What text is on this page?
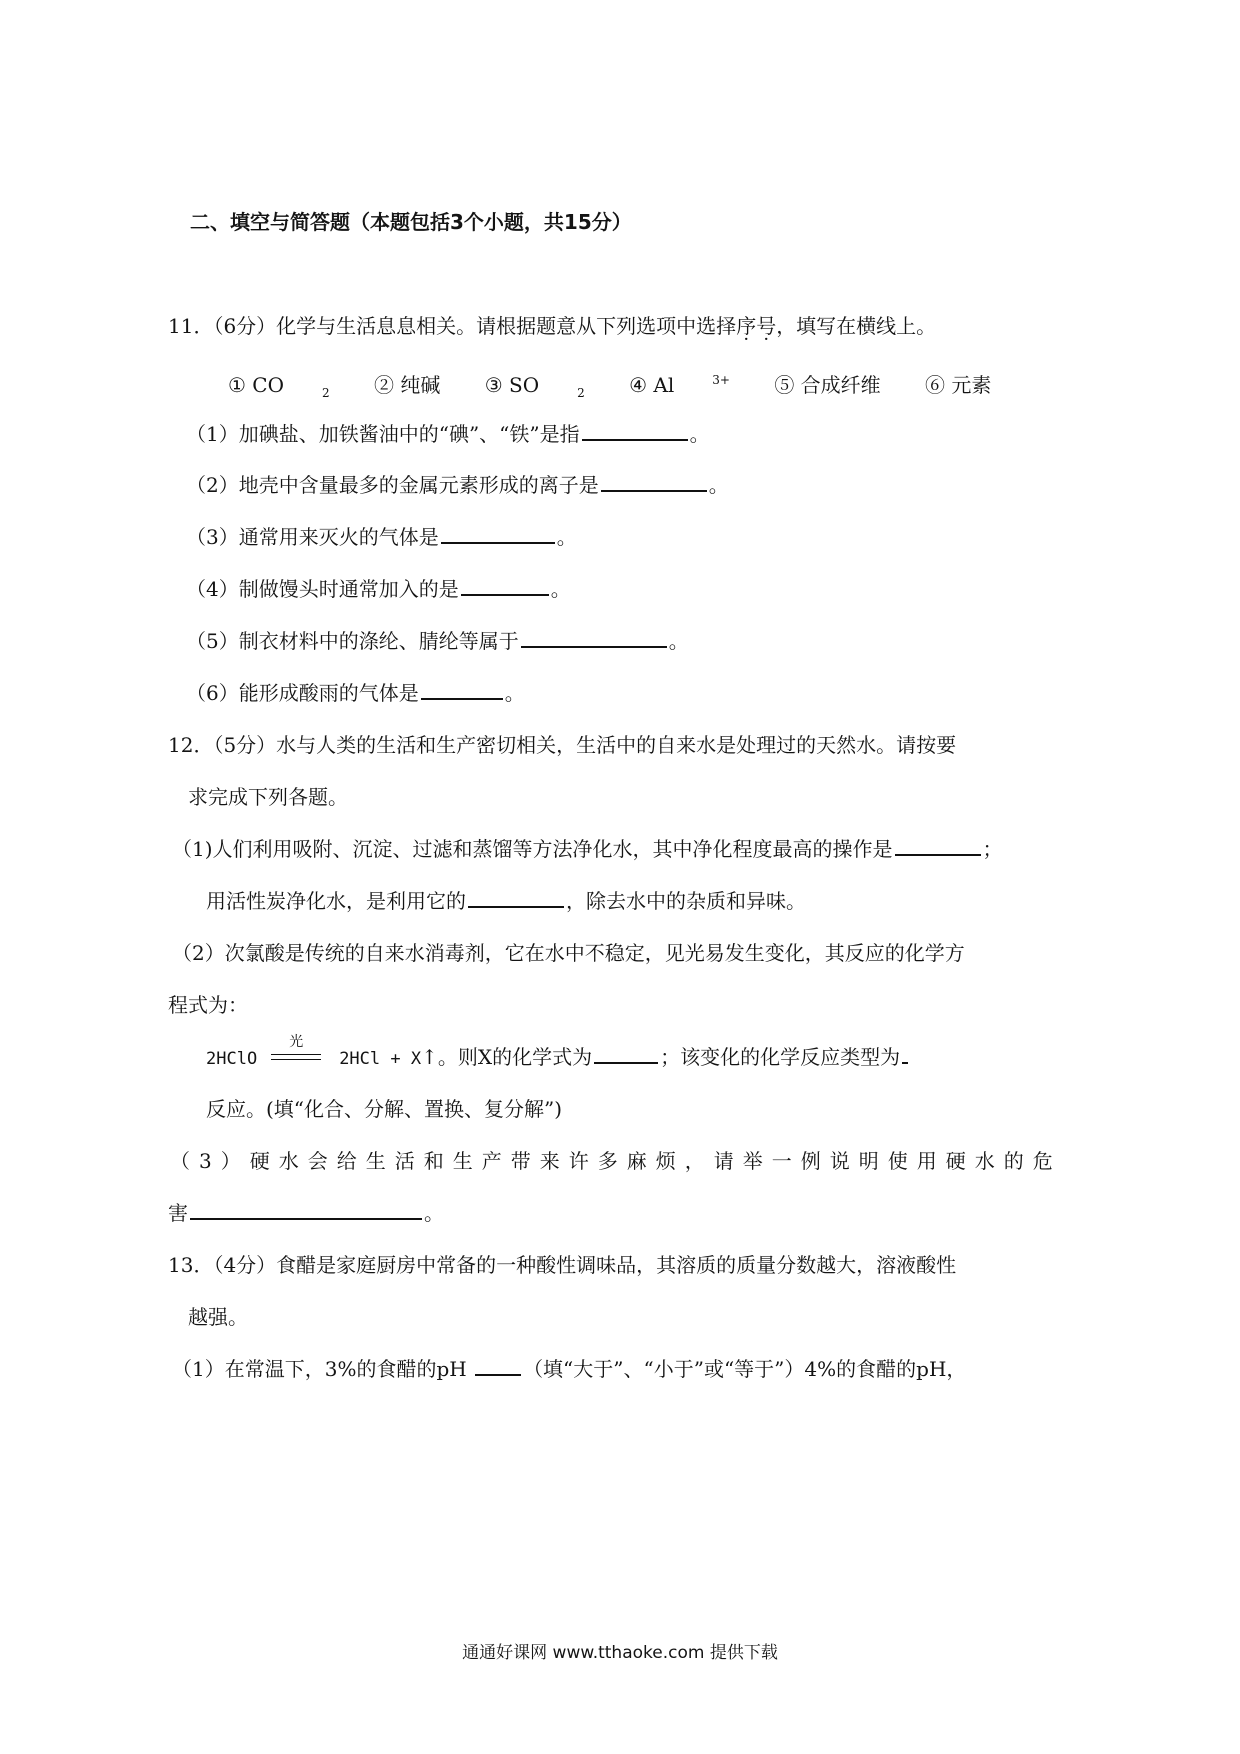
二、填空与简答题（本题包括3个小题，共15分）
11．（6分）化学与生活息息相关。请根据题意从下列选项中选择序号，填写在横线上。
① CO	$_2$ ② 纯碱 ③ SO	$_2$ ④ Al	$^{3+}$ ⑤ 合成纤维 ⑥ 元素
（1）加碘盐、加铁酱油中的“碘”、“铁”是指	。
（2）地壳中含量最多的金属元素形成的离子是	。
（3）通常用来灭火的气体是	。
（4）制做馒头时通常加入的是	。
（5）制衣材料中的涤纶、腈纶等属于	。
（6）能形成酸雨的气体是	。
12．（5分）水与人类的生活和生产密切相关，生活中的自来水是处理过的天然水。请按要
求完成下列各题。
（1)人们利用吸附、沉淀、过滤和蒸馏等方法净化水，其中净化程度最高的操作是	；
用活性炭净化水，是利用它的	，除去水中的杂质和异味。
（2）次氯酸是传统的自来水消毒剂，它在水中不稳定，见光易发生变化，其反应的化学方
程式为：
2HClO
光
2HCl + X↑。则X的化学式为	；该变化的化学反应类型为
反应。(填“化合、分解、置换、复分解”)
（3）硬水会给生活和生产带来许多麻烦，请举一例说明使用硬水的危
害	。
13．（4分）食醋是家庭厨房中常备的一种酸性调味品，其溶质的质量分数越大，溶液酸性
越强。
（1）在常温下，3%的食醋的pH	（填“大于”、“小于”或“等于”）4%的食醋的pH，
通通好课网 www.tthaoke.com 提供下载
